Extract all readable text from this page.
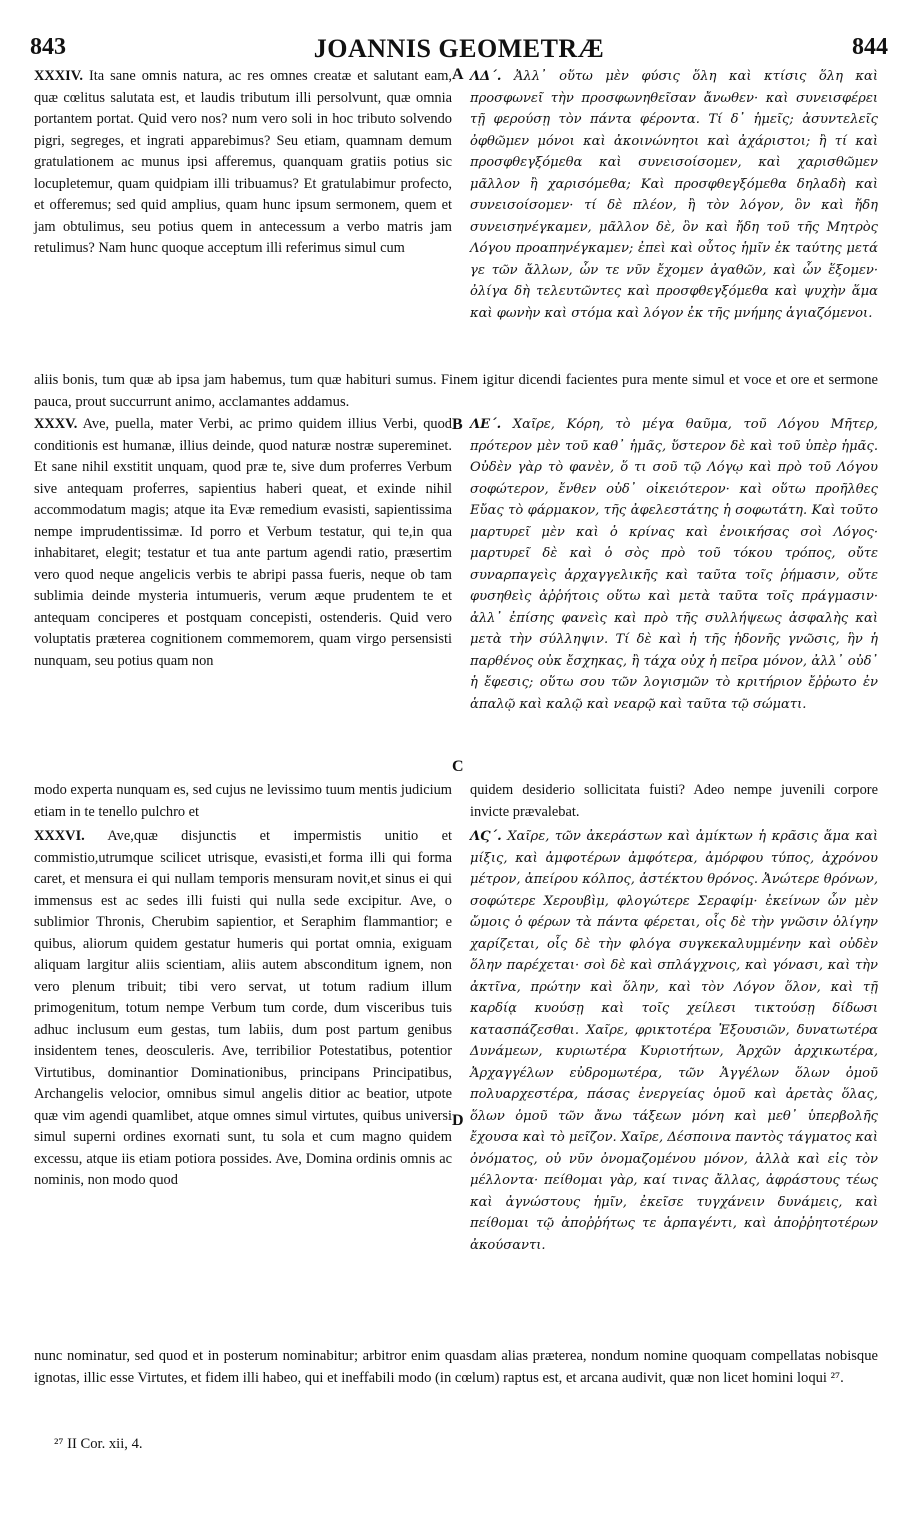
843	JOANNIS GEOMETRÆ	844

XXXIV. Ita sane omnis natura, ac res omnes creatæ et salutant eam, quæ cœlitus salutata est, et laudis tributum illi persolvunt, quæ omnia portantem portat. Quid vero nos? num vero soli in hoc tributo solvendo pigri, segreges, et ingrati apparebimus? Seu etiam, quamnam demum gratulationem ac munus ipsi afferemus, quanquam gratiis potius sic locupletemur, quam quidpiam illi tribuamus? Et gratulabimur profecto, et offeremus; sed quid amplius, quam hunc ipsum sermonem, quem et jam obtulimus, seu potius quem in antecessum a verbo matris jam retulimus? Nam hunc quoque acceptum illi referimus simul cum

ΛΔ΄. Ἀλλ᾽ οὕτω μὲν φύσις ὅλη καὶ κτίσις ὅλη καὶ προσφωνεῖ τὴν προσφωνηθεῖσαν ἄνωθεν· καὶ συνεισφέρει τῇ φερούσῃ τὸν πάντα φέροντα. Τί δ᾽ ἡμεῖς; ἀσυντελεῖς ὀφθῶμεν μόνοι καὶ ἀκοινώνητοι καὶ ἀχάριστοι; ἢ τί καὶ προσφθεγξόμεθα καὶ συνεισοίσομεν, καὶ χαρισθῶμεν μᾶλλον ἢ χαρισόμεθα; Καὶ προσφθεγξόμεθα δηλαδὴ καὶ συνεισοίσομεν· τί δὲ πλέον, ἢ τὸν λόγον, ὃν καὶ ἤδη συνεισηνέγκαμεν, μᾶλλον δὲ, ὃν καὶ ἤδη τοῦ τῆς Μητρὸς Λόγου προαπηνέγκαμεν; ἐπεὶ καὶ οὗτος ἡμῖν ἐκ ταύτης μετά γε τῶν ἄλλων, ὧν τε νῦν ἔχομεν ἀγαθῶν, καὶ ὧν ἕξομεν· ὀλίγα δὴ τελευτῶντες καὶ προσφθεγξόμεθα καὶ ψυχὴν ἅμα καὶ φωνὴν καὶ στόμα καὶ λόγον ἐκ τῆς μνήμης ἁγιαζόμενοι.

aliis bonis, tum quæ ab ipsa jam habemus, tum quæ habituri sumus. Finem igitur dicendi facientes pura mente simul et voce et ore et sermone pauca, prout succurrunt animo, acclamantes addamus.

XXXV. Ave, puella, mater Verbi, ac primo quidem illius Verbi, quod conditionis est humanæ, illius deinde, quod naturæ nostræ supereminet. Et sane nihil exstitit unquam, quod præ te, sive dum proferres Verbum sive antequam proferres, sapientius haberi queat, et exinde nihil accommodatum magis; atque ita Evæ remedium evasisti, sapientissima nempe imprudentissimæ. Id porro et Verbum testatur, qui te,in qua inhabitaret, elegit; testatur et tua ante partum agendi ratio, præsertim vero quod neque angelicis verbis te abripi passa fueris, neque ob tam sublimia deinde mysteria intumueris, verum æque prudentem te et antequam conciperes et postquam concepisti, ostenderis. Quid vero voluptatis præterea cognitionem commemorem, quam virgo persensisti nunquam, seu potius quam non

ΛΕ΄. Χαῖρε, Κόρη, τὸ μέγα θαῦμα, τοῦ Λόγου Μῆτερ, πρότερον μὲν τοῦ καθ᾽ ἡμᾶς, ὕστερον δὲ καὶ τοῦ ὑπὲρ ἡμᾶς. Οὐδὲν γὰρ τὸ φανὲν, ὅ τι σοῦ τῷ Λόγῳ καὶ πρὸ τοῦ Λόγου σοφώτερον, ἔνθεν οὐδ᾽ οἰκειότερον· καὶ οὕτω προῆλθες Εὔας τὸ φάρμακον, τῆς ἀφελεστάτης ἡ σοφωτάτη. Καὶ τοῦτο μαρτυρεῖ μὲν καὶ ὁ κρίνας καὶ ἐνοικήσας σοὶ Λόγος· μαρτυρεῖ δὲ καὶ ὁ σὸς πρὸ τοῦ τόκου τρόπος, οὔτε συναρπαγεὶς ἀρχαγγελικῆς καὶ ταῦτα τοῖς ῥήμασιν, οὔτε φυσηθεὶς ἀῤῥήτοις οὕτω καὶ μετὰ ταῦτα τοῖς πράγμασιν· ἀλλ᾽ ἐπίσης φανεὶς καὶ πρὸ τῆς συλλήψεως ἀσφαλὴς καὶ μετὰ τὴν σύλληψιν. Τί δὲ καὶ ἡ τῆς ἡδονῆς γνῶσις, ἣν ἡ παρθένος οὐκ ἔσχηκας, ἢ τάχα οὐχ ἡ πεῖρα μόνον, ἀλλ᾽ οὐδ᾽ ἡ ἔφεσις; οὕτω σου τῶν λογισμῶν τὸ κριτήριον ἔῤῥωτο ἐν ἁπαλῷ καὶ καλῷ καὶ νεαρῷ καὶ ταῦτα τῷ σώματι.

modo experta nunquam es, sed cujus ne levissimo tuum mentis judicium etiam in te tenello pulchro et

quidem desiderio sollicitata fuisti? Adeo nempe juvenili corpore invicte prævalebat.

XXXVI. Ave,quæ disjunctis et impermistis unitio et commistio,utrumque scilicet utrisque, evasisti,et forma illi qui forma caret, et mensura ei qui nullam temporis mensuram novit,et sinus ei qui immensus est ac sedes illi fuisti qui nulla sede excipitur. Ave, o sublimior Thronis, Cherubim sapientior, et Seraphim flammantior; e quibus, aliorum quidem gestatur humeris qui portat omnia, exiguam aliquam largitur aliis scientiam, aliis autem absconditum ignem, non vero plenum tribuit; tibi vero servat, ut totum radium illum primogenitum, totum nempe Verbum tum corde, dum visceribus tuis adhuc inclusum eum gestas, tum labiis, dum post partum genibus insidentem tenes, deosculeris. Ave, terribilior Potestatibus, potentior Virtutibus, dominantior Dominationibus, principans Principatibus, Archangelis velocior, omnibus simul angelis ditior ac beatior, utpote quæ vim agendi quamlibet, atque omnes simul virtutes, quibus universi simul superni ordines exornati sunt, tu sola et cum magno quidem excessu, atque iis etiam potiora possides. Ave, Domina ordinis omnis ac nominis, non modo quod

ΛϚ΄. Χαῖρε, τῶν ἀκεράστων καὶ ἀμίκτων ἡ κρᾶσις ἅμα καὶ μίξις, καὶ ἀμφοτέρων ἀμφότερα, ἀμόρφου τύπος, ἀχρόνου μέτρον, ἀπείρου κόλπος, ἀστέκτου θρόνος. Ἀνώτερε θρόνων, σοφώτερε Χερουβὶμ, φλογώτερε Σεραφίμ· ἐκείνων ὧν μὲν ὤμοις ὁ φέρων τὰ πάντα φέρεται, οἷς δὲ τὴν γνῶσιν ὀλίγην χαρίζεται, οἷς δὲ τὴν φλόγα συγκεκαλυμμένην καὶ οὐδὲν ὅλην παρέχεται· σοὶ δὲ καὶ σπλάγχνοις, καὶ γόνασι, καὶ τὴν ἀκτῖνα, πρώτην καὶ ὅλην, καὶ τὸν Λόγον ὅλον, καὶ τῇ καρδίᾳ κυούσῃ καὶ τοῖς χείλεσι τικτούσῃ δίδωσι κατασπάζεσθαι. Χαῖρε, φρικτοτέρα Ἐξουσιῶν, δυνατωτέρα Δυνάμεων, κυριωτέρα Κυριοτήτων, Ἀρχῶν ἀρχικωτέρα, Ἀρχαγγέλων εὐδρομωτέρα, τῶν Ἀγγέλων ὅλων ὁμοῦ πολυαρχεστέρα, πάσας ἐνεργείας ὁμοῦ καὶ ἀρετὰς ὅλας, ὅλων ὁμοῦ τῶν ἄνω τάξεων μόνη καὶ μεθ᾽ ὑπερβολῆς ἔχουσα καὶ τὸ μεῖζον. Χαῖρε, Δέσποινα παντὸς τάγματος καὶ ὀνόματος, οὐ νῦν ὀνομαζομένου μόνον, ἀλλὰ καὶ εἰς τὸν μέλλοντα· πείθομαι γὰρ, καί τινας ἄλλας, ἀφράστους τέως καὶ ἀγνώστους ἡμῖν, ἐκεῖσε τυγχάνειν δυνάμεις, καὶ πείθομαι τῷ ἀποῤῥήτως τε ἁρπαγέντι, καὶ ἀποῤῥητοτέρων ἀκούσαντι.

nunc nominatur, sed quod et in posterum nominabitur; arbitror enim quasdam alias præterea, nondum nomine quoquam compellatas nobisque ignotas, illic esse Virtutes, et fidem illi habeo, qui et ineffabili modo (in cœlum) raptus est, et arcana audivit, quæ non licet homini loqui ²⁷.

A
B
C
D
²⁷ II Cor. xii, 4.
